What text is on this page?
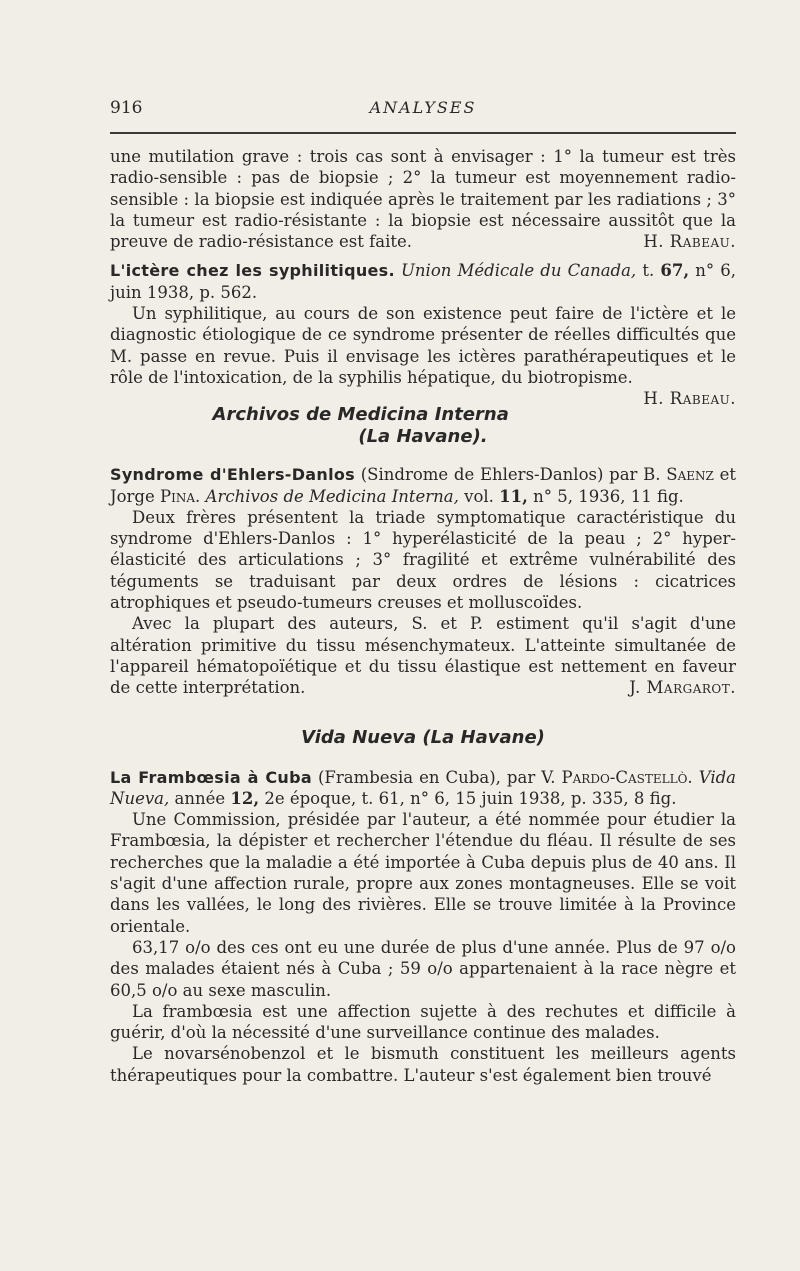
916	ANALYSES

une mutilation grave : trois cas sont à envisager : 1° la tumeur est très radio-sensible : pas de biopsie ; 2° la tumeur est moyennement radio-sensible : la biopsie est indiquée après le traitement par les radiations ; 3° la tumeur est radio-résistante : la biopsie est nécessaire aussitôt que la preuve de radio-résistance est faite.	H. Rabeau.

L'ictère chez les syphilitiques. Union Médicale du Canada, t. 67, n° 6, juin 1938, p. 562.

Un syphilitique, au cours de son existence peut faire de l'ictère et le diagnostic étiologique de ce syndrome présenter de réelles difficultés que M. passe en revue. Puis il envisage les ictères parathérapeutiques et le rôle de l'intoxication, de la syphilis hépatique, du biotropisme.
H. Rabeau.

Archivos de Medicina Interna
(La Havane).

Syndrome d'Ehlers-Danlos (Sindrome de Ehlers-Danlos) par B. Saenz et Jorge Pina. Archivos de Medicina Interna, vol. 11, n° 5, 1936, 11 fig.

Deux frères présentent la triade symptomatique caractéristique du syndrome d'Ehlers-Danlos : 1° hyperélasticité de la peau ; 2° hyper-élasticité des articulations ; 3° fragilité et extrême vulnérabilité des téguments se traduisant par deux ordres de lésions : cicatrices atrophiques et pseudo-tumeurs creuses et molluscoïdes.

Avec la plupart des auteurs, S. et P. estiment qu'il s'agit d'une altération primitive du tissu mésenchymateux. L'atteinte simultanée de l'appareil hématopoïétique et du tissu élastique est nettement en faveur de cette interprétation.	J. Margarot.

Vida Nueva (La Havane)

La Frambœsia à Cuba (Frambesia en Cuba), par V. Pardo-Castellò. Vida Nueva, année 12, 2e époque, t. 61, n° 6, 15 juin 1938, p. 335, 8 fig.

Une Commission, présidée par l'auteur, a été nommée pour étudier la Frambœsia, la dépister et rechercher l'étendue du fléau. Il résulte de ses recherches que la maladie a été importée à Cuba depuis plus de 40 ans. Il s'agit d'une affection rurale, propre aux zones montagneuses. Elle se voit dans les vallées, le long des rivières. Elle se trouve limitée à la Province orientale.

63,17 o/o des ces ont eu une durée de plus d'une année. Plus de 97 o/o des malades étaient nés à Cuba ; 59 o/o appartenaient à la race nègre et 60,5 o/o au sexe masculin.

La frambœsia est une affection sujette à des rechutes et difficile à guérir, d'où la nécessité d'une surveillance continue des malades.

Le novarsénobenzol et le bismuth constituent les meilleurs agents thérapeutiques pour la combattre. L'auteur s'est également bien trouvé
